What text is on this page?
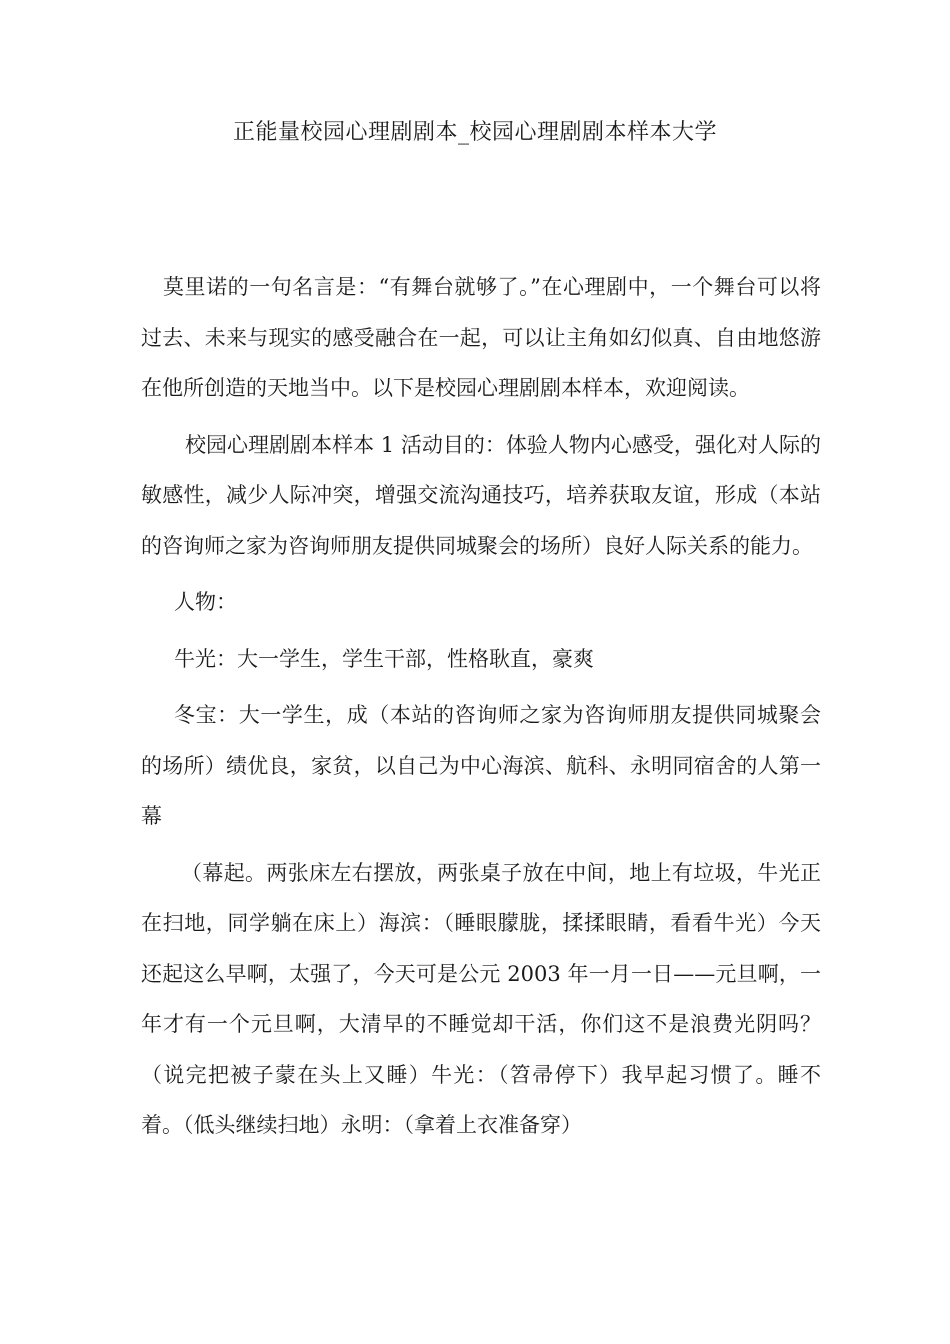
正能量校园心理剧剧本_校园心理剧剧本样本大学

莫里诺的一句名言是：“有舞台就够了。”在心理剧中，一个舞台可以将过去、未来与现实的感受融合在一起，可以让主角如幻似真、自由地悠游在他所创造的天地当中。以下是校园心理剧剧本样本，欢迎阅读。

校园心理剧剧本样本 1 活动目的：体验人物内心感受，强化对人际的敏感性，减少人际冲突，增强交流沟通技巧，培养获取友谊，形成（本站的咨询师之家为咨询师朋友提供同城聚会的场所）良好人际关系的能力。

人物：

牛光：大一学生，学生干部，性格耿直，豪爽

冬宝：大一学生，成（本站的咨询师之家为咨询师朋友提供同城聚会的场所）绩优良，家贫，以自己为中心海滨、航科、永明同宿舍的人第一幕

（幕起。两张床左右摆放，两张桌子放在中间，地上有垃圾，牛光正在扫地，同学躺在床上）海滨：（睡眼朦胧，揉揉眼睛，看看牛光）今天还起这么早啊，太强了，今天可是公元 2003 年一月一日——元旦啊，一年才有一个元旦啊，大清早的不睡觉却干活，你们这不是浪费光阴吗？（说完把被子蒙在头上又睡）牛光：（笤帚停下）我早起习惯了。睡不着。（低头继续扫地）永明：（拿着上衣准备穿）
